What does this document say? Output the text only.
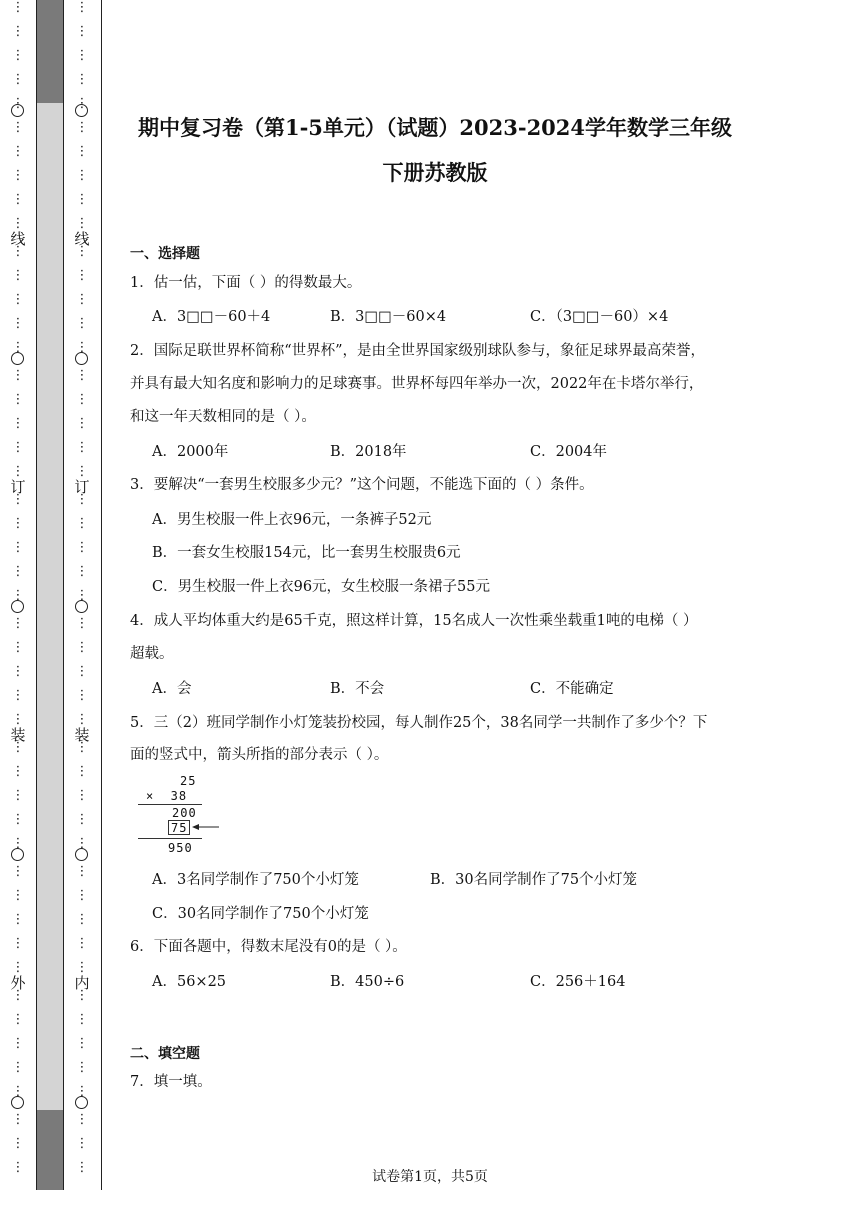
⋮
⋮
⋮
⋮
⋮
⋮
⋮
⋮
⋮
⋮
⋮
⋮
⋮
⋮
⋮
⋮
⋮
⋮
⋮
⋮
⋮
⋮
⋮
⋮
⋮
⋮
⋮
⋮
⋮
⋮
⋮
⋮
⋮
⋮
⋮
⋮
⋮
⋮
⋮
⋮
⋮
⋮
⋮
⋮
⋮
⋮
⋮
⋮
线
订
装
外
⋮
⋮
⋮
⋮
⋮
⋮
⋮
⋮
⋮
⋮
⋮
⋮
⋮
⋮
⋮
⋮
⋮
⋮
⋮
⋮
⋮
⋮
⋮
⋮
⋮
⋮
⋮
⋮
⋮
⋮
⋮
⋮
⋮
⋮
⋮
⋮
⋮
⋮
⋮
⋮
⋮
⋮
⋮
⋮
⋮
⋮
⋮
⋮
线
订
装
内
期中复习卷（第1-5单元）（试题）2023-2024学年数学三年级
下册苏教版
一、选择题
1．估一估，下面（ ）的得数最大。
A．3□□－60＋4	B．3□□－60×4	C．（3□□－60）×4
2．国际足联世界杯简称“世界杯”，是由全世界国家级别球队参与，象征足球界最高荣誉，
并具有最大知名度和影响力的足球赛事。世界杯每四年举办一次，2022年在卡塔尔举行，
和这一年天数相同的是（ ）。
A．2000年	B．2018年	C．2004年
3．要解决“一套男生校服多少元？”这个问题，不能选下面的（ ）条件。
A．男生校服一件上衣96元，一条裤子52元
B．一套女生校服154元，比一套男生校服贵6元
C．男生校服一件上衣96元，女生校服一条裙子55元
4．成人平均体重大约是65千克，照这样计算，15名成人一次性乘坐载重1吨的电梯（ ）
超载。
A．会	B．不会	C．不能确定
5．三（2）班同学制作小灯笼装扮校园，每人制作25个，38名同学一共制作了多少个？下
面的竖式中，箭头所指的部分表示（ ）。
A．3名同学制作了750个小灯笼	B．30名同学制作了75个小灯笼
C．30名同学制作了750个小灯笼
6．下面各题中，得数末尾没有0的是（ ）。
A．56×25	B．450÷6	C．256＋164
二、填空题
7．填一填。
25
×  38
200
75
950
试卷第1页，共5页
